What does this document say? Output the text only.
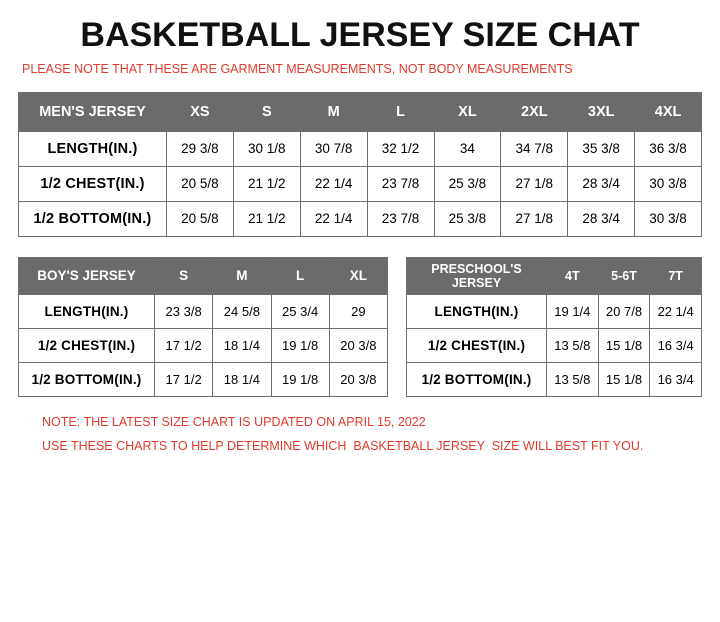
BASKETBALL JERSEY SIZE CHAT
PLEASE NOTE THAT THESE ARE GARMENT MEASUREMENTS, NOT BODY MEASUREMENTS
MEN'S JERSEY	XS	S	M	L	XL	2XL	3XL	4XL
LENGTH(IN.)	29 3/8	30 1/8	30 7/8	32 1/2	34	34 7/8	35 3/8	36 3/8
1/2 CHEST(IN.)	20 5/8	21 1/2	22 1/4	23 7/8	25 3/8	27 1/8	28 3/4	30 3/8
1/2 BOTTOM(IN.)	20 5/8	21 1/2	22 1/4	23 7/8	25 3/8	27 1/8	28 3/4	30 3/8
BOY'S JERSEY	S	M	L	XL
LENGTH(IN.)	23 3/8	24 5/8	25 3/4	29
1/2 CHEST(IN.)	17 1/2	18 1/4	19 1/8	20 3/8
1/2 BOTTOM(IN.)	17 1/2	18 1/4	19 1/8	20 3/8
PRESCHOOL'S JERSEY	4T	5-6T	7T
LENGTH(IN.)	19 1/4	20 7/8	22 1/4
1/2 CHEST(IN.)	13 5/8	15 1/8	16 3/4
1/2 BOTTOM(IN.)	13 5/8	15 1/8	16 3/4
NOTE: THE LATEST SIZE CHART IS UPDATED ON APRIL 15, 2022
USE THESE CHARTS TO HELP DETERMINE WHICH  BASKETBALL JERSEY  SIZE WILL BEST FIT YOU.
